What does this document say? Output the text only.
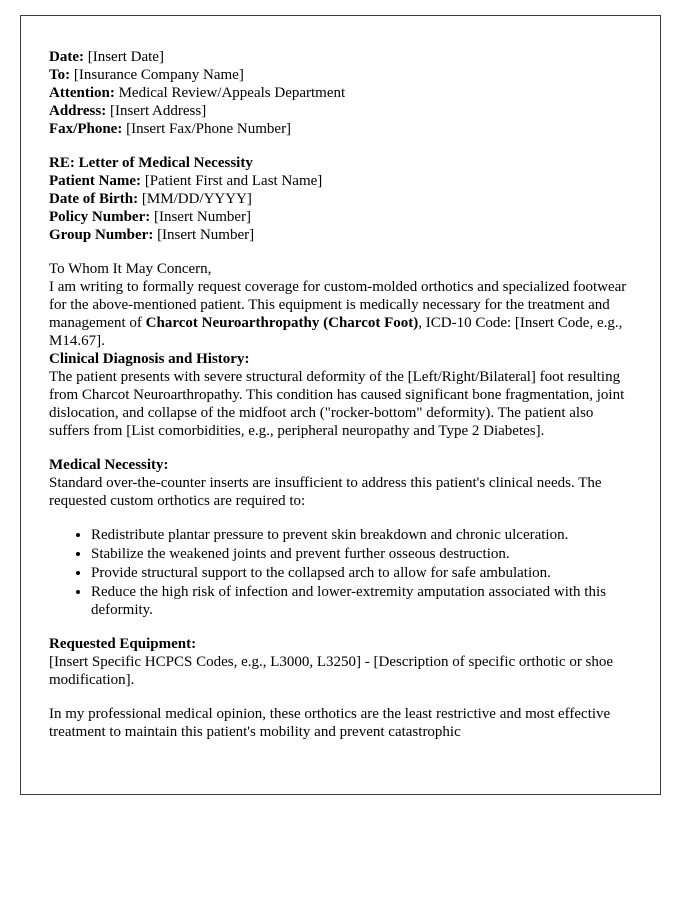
Date: [Insert Date]

To: [Insurance Company Name]

Attention: Medical Review/Appeals Department

Address: [Insert Address]

Fax/Phone: [Insert Fax/Phone Number]

RE: Letter of Medical Necessity

Patient Name: [Patient First and Last Name]

Date of Birth: [MM/DD/YYYY]

Policy Number: [Insert Number]

Group Number: [Insert Number]

To Whom It May Concern,

I am writing to formally request coverage for custom-molded orthotics and specialized footwear for the above-mentioned patient. This equipment is medically necessary for the treatment and management of Charcot Neuroarthropathy (Charcot Foot), ICD-10 Code: [Insert Code, e.g., M14.67].

Clinical Diagnosis and History:

The patient presents with severe structural deformity of the [Left/Right/Bilateral] foot resulting from Charcot Neuroarthropathy. This condition has caused significant bone fragmentation, joint dislocation, and collapse of the midfoot arch ("rocker-bottom" deformity). The patient also suffers from [List comorbidities, e.g., peripheral neuropathy and Type 2 Diabetes].

Medical Necessity:

Standard over-the-counter inserts are insufficient to address this patient's clinical needs. The requested custom orthotics are required to:

• Redistribute plantar pressure to prevent skin breakdown and chronic ulceration.
• Stabilize the weakened joints and prevent further osseous destruction.
• Provide structural support to the collapsed arch to allow for safe ambulation.
• Reduce the high risk of infection and lower-extremity amputation associated with this deformity.

Requested Equipment:

[Insert Specific HCPCS Codes, e.g., L3000, L3250] - [Description of specific orthotic or shoe modification].

In my professional medical opinion, these orthotics are the least restrictive and most effective treatment to maintain this patient's mobility and prevent catastrophic
